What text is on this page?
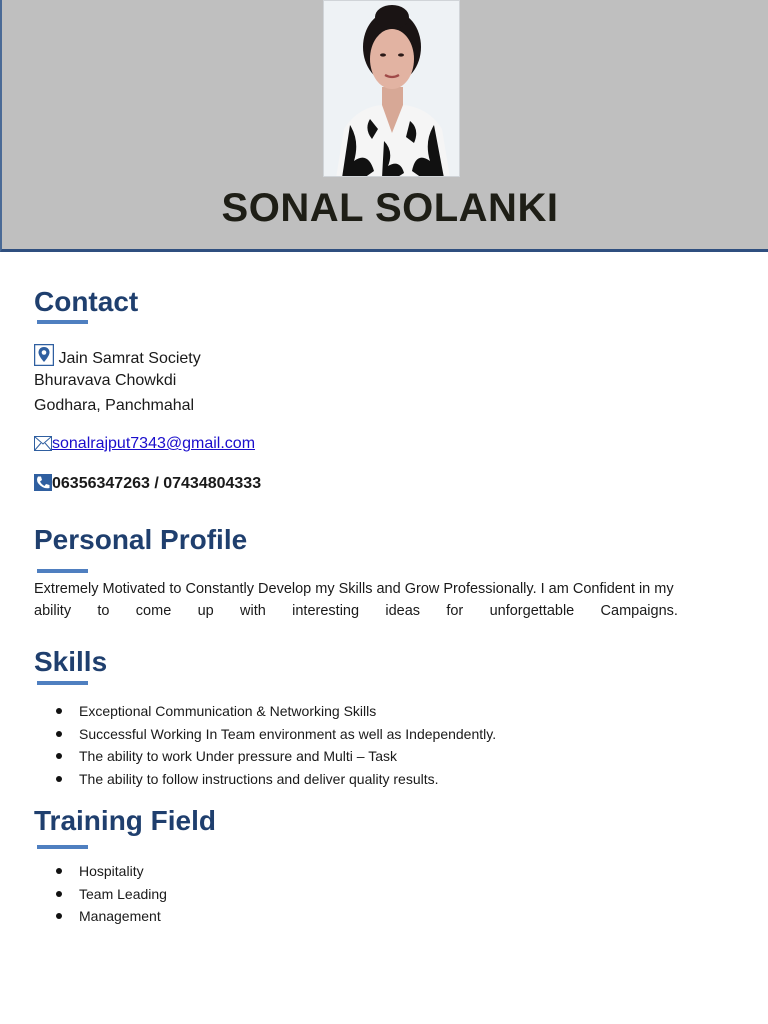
SONAL SOLANKI
Contact
Jain Samrat Society
Bhuravava Chowkdi
Godhara, Panchmahal
sonalrajput7343@gmail.com
06356347263 / 07434804333
Personal Profile
Extremely Motivated to Constantly Develop my Skills and Grow Professionally. I am Confident in my
ability to come up with interesting ideas for unforgettable Campaigns.
Skills
Exceptional Communication & Networking Skills
Successful Working In Team environment as well as Independently.
The ability to work Under pressure and Multi – Task
The ability to follow instructions and deliver quality results.
Training Field
Hospitality
Team Leading
Management
